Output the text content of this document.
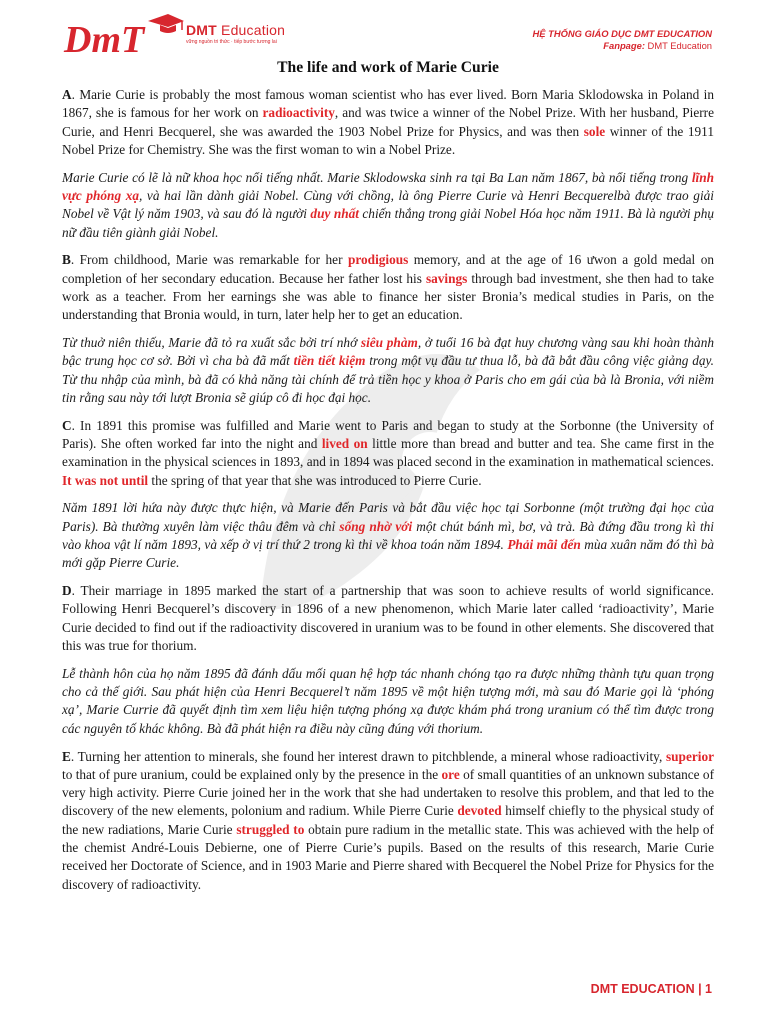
DmT	DMT Education
vững nguồn tri thức · tiếp bước tương lai
HỆ THỐNG GIÁO DỤC DMT EDUCATION
Fanpage: DMT Education
The life and work of Marie Curie

A. Marie Curie is probably the most famous woman scientist who has ever lived. Born Maria Sklodowska in Poland in 1867, she is famous for her work on radioactivity, and was twice a winner of the Nobel Prize. With her husband, Pierre Curie, and Henri Becquerel, she was awarded the 1903 Nobel Prize for Physics, and was then sole winner of the 1911 Nobel Prize for Chemistry. She was the first woman to win a Nobel Prize.

Marie Curie có lẽ là nữ khoa học nổi tiếng nhất. Marie Sklodowska sinh ra tại Ba Lan năm 1867, bà nổi tiếng trong lĩnh vực phóng xạ, và hai lần dành giải Nobel. Cùng với chồng, là ông Pierre Curie và Henri Becquerelbà được trao giải Nobel về Vật lý năm 1903, và sau đó là người duy nhất chiến thắng trong giải Nobel Hóa học năm 1911. Bà là người phụ nữ đầu tiên giành giải Nobel.

B. From childhood, Marie was remarkable for her prodigious memory, and at the age of 16 ưwon a gold medal on completion of her secondary education. Because her father lost his savings through bad investment, she then had to take work as a teacher. From her earnings she was able to finance her sister Bronia’s medical studies in Paris, on the understanding that Bronia would, in turn, later help her to get an education.

Từ thuở niên thiếu, Marie đã tỏ ra xuất sắc bởi trí nhớ siêu phàm, ở tuổi 16 bà đạt huy chương vàng sau khi hoàn thành bậc trung học cơ sở. Bởi vì cha bà đã mất tiền tiết kiệm trong một vụ đầu tư thua lỗ, bà đã bắt đầu công việc giảng dạy. Từ thu nhập của mình, bà đã có khả năng tài chính để trả tiền học y khoa ở Paris cho em gái của bà là Bronia, với niềm tin rằng sau này tới lượt Bronia sẽ giúp cô đi học đại học.

C. In 1891 this promise was fulfilled and Marie went to Paris and began to study at the Sorbonne (the University of Paris). She often worked far into the night and lived on little more than bread and butter and tea. She came first in the examination in the physical sciences in 1893, and in 1894 was placed second in the examination in mathematical sciences. It was not until the spring of that year that she was introduced to Pierre Curie.

Năm 1891 lời hứa này được thực hiện, và Marie đến Paris và bắt đầu việc học tại Sorbonne (một trường đại học của Paris). Bà thường xuyên làm việc thâu đêm và chỉ sống nhờ với một chút bánh mì, bơ, và trà. Bà đứng đầu trong kì thi vào khoa vật lí năm 1893, và xếp ở vị trí thứ 2 trong kì thi về khoa toán năm 1894. Phải mãi đến mùa xuân năm đó thì bà mới gặp Pierre Curie.

D. Their marriage in 1895 marked the start of a partnership that was soon to achieve results of world significance. Following Henri Becquerel’s discovery in 1896 of a new phenomenon, which Marie later called ‘radioactivity’, Marie Curie decided to find out if the radioactivity discovered in uranium was to be found in other elements. She discovered that this was true for thorium.

Lễ thành hôn của họ năm 1895 đã đánh dấu mối quan hệ hợp tác nhanh chóng tạo ra được những thành tựu quan trọng cho cả thế giới. Sau phát hiện của Henri Becquerel’t năm 1895 về một hiện tượng mới, mà sau đó Marie gọi là ‘phóng xạ’, Marie Currie đã quyết định tìm xem liệu hiện tượng phóng xạ được khám phá trong uranium có thể tìm được trong các nguyên tố khác không. Bà đã phát hiện ra điều này cũng đúng với thorium.

E. Turning her attention to minerals, she found her interest drawn to pitchblende, a mineral whose radioactivity, superior to that of pure uranium, could be explained only by the presence in the ore of small quantities of an unknown substance of very high activity. Pierre Curie joined her in the work that she had undertaken to resolve this problem, and that led to the discovery of the new elements, polonium and radium. While Pierre Curie devoted himself chiefly to the physical study of the new radiations, Marie Curie struggled to obtain pure radium in the metallic state. This was achieved with the help of the chemist André-Louis Debierne, one of Pierre Curie’s pupils. Based on the results of this research, Marie Curie received her Doctorate of Science, and in 1903 Marie and Pierre shared with Becquerel the Nobel Prize for Physics for the discovery of radioactivity.

DMT EDUCATION | 1
